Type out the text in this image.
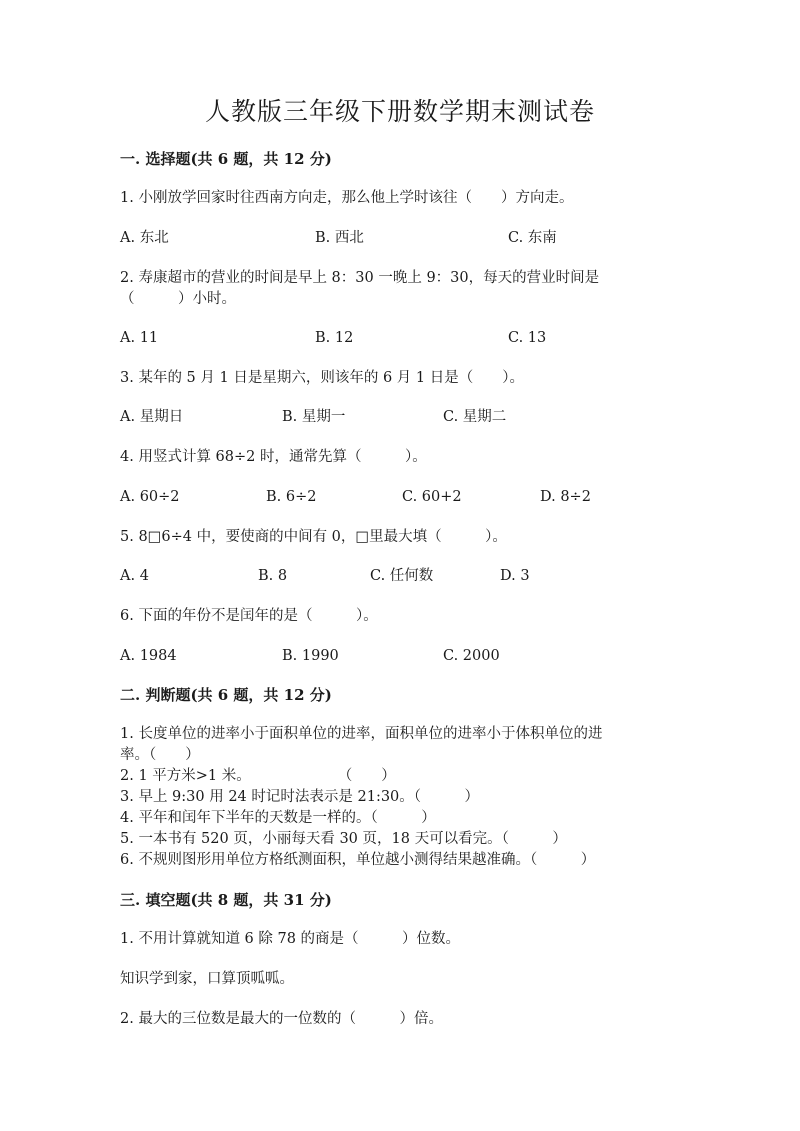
人教版三年级下册数学期末测试卷
一. 选择题(共 6 题，共 12 分)
1. 小刚放学回家时往西南方向走，那么他上学时该往（　　）方向走。
A. 东北	B. 西北	C. 东南
2. 寿康超市的营业的时间是早上 8：30 一晚上 9：30，每天的营业时间是
（　　　）小时。
A. 11	B. 12	C. 13
3. 某年的 5 月 1 日是星期六，则该年的 6 月 1 日是（　　）。
A. 星期日	B. 星期一	C. 星期二
4. 用竖式计算 68÷2 时，通常先算（　　　）。
A. 60÷2	B. 6÷2	C. 60+2	D. 8÷2
5. 8□6÷4 中，要使商的中间有 0，□里最大填（　　　）。
A. 4	B. 8	C. 任何数	D. 3
6. 下面的年份不是闰年的是（　　　）。
A. 1984	B. 1990	C. 2000
二. 判断题(共 6 题，共 12 分)
1. 长度单位的进率小于面积单位的进率，面积单位的进率小于体积单位的进
率。（　　）
2. 1 平方米>1 米。　　　　　　　（　　）
3. 早上 9:30 用 24 时记时法表示是 21:30。（　　　）
4. 平年和闰年下半年的天数是一样的。（　　　）
5. 一本书有 520 页，小丽每天看 30 页，18 天可以看完。（　　　）
6. 不规则图形用单位方格纸测面积，单位越小测得结果越准确。（　　　）
三. 填空题(共 8 题，共 31 分)
1. 不用计算就知道 6 除 78 的商是（　　　）位数。
知识学到家，口算顶呱呱。
2. 最大的三位数是最大的一位数的（　　　）倍。
